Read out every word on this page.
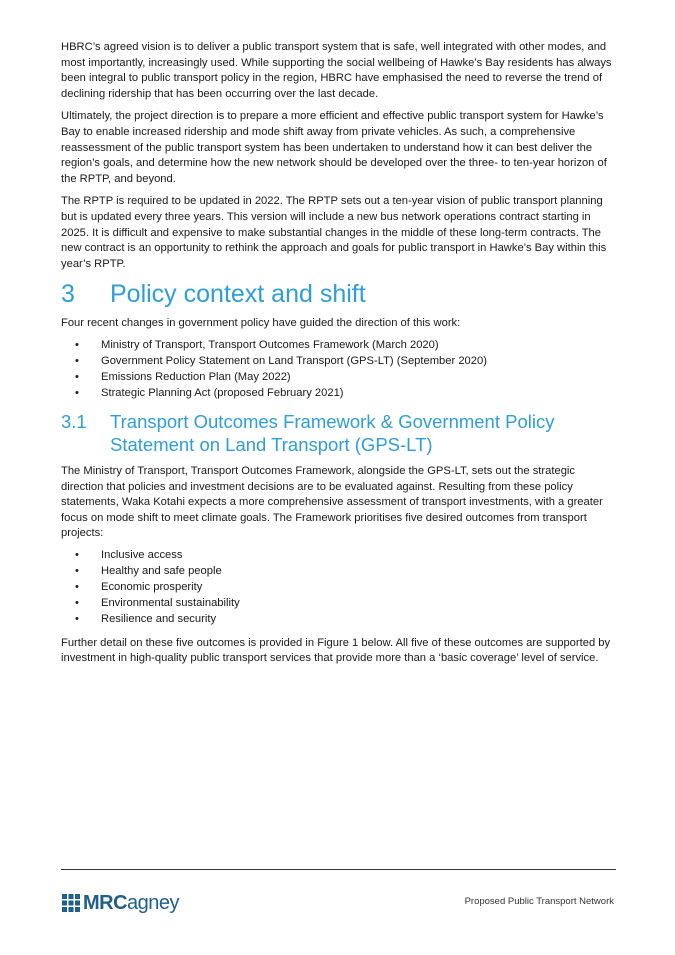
HBRC’s agreed vision is to deliver a public transport system that is safe, well integrated with other modes, and most importantly, increasingly used. While supporting the social wellbeing of Hawke’s Bay residents has always been integral to public transport policy in the region, HBRC have emphasised the need to reverse the trend of declining ridership that has been occurring over the last decade.

Ultimately, the project direction is to prepare a more efficient and effective public transport system for Hawke’s Bay to enable increased ridership and mode shift away from private vehicles. As such, a comprehensive reassessment of the public transport system has been undertaken to understand how it can best deliver the region’s goals, and determine how the new network should be developed over the three- to ten-year horizon of the RPTP, and beyond.

The RPTP is required to be updated in 2022. The RPTP sets out a ten-year vision of public transport planning but is updated every three years. This version will include a new bus network operations contract starting in 2025. It is difficult and expensive to make substantial changes in the middle of these long-term contracts. The new contract is an opportunity to rethink the approach and goals for public transport in Hawke’s Bay within this year’s RPTP.

3	Policy context and shift

Four recent changes in government policy have guided the direction of this work:

•	Ministry of Transport, Transport Outcomes Framework (March 2020)
•	Government Policy Statement on Land Transport (GPS-LT) (September 2020)
•	Emissions Reduction Plan (May 2022)
•	Strategic Planning Act (proposed February 2021)
3.1	Transport Outcomes Framework & Government Policy Statement on Land Transport (GPS-LT)

The Ministry of Transport, Transport Outcomes Framework, alongside the GPS-LT, sets out the strategic direction that policies and investment decisions are to be evaluated against. Resulting from these policy statements, Waka Kotahi expects a more comprehensive assessment of transport investments, with a greater focus on mode shift to meet climate goals. The Framework prioritises five desired outcomes from transport projects:

•	Inclusive access
•	Healthy and safe people
•	Economic prosperity
•	Environmental sustainability
•	Resilience and security

Further detail on these five outcomes is provided in Figure 1 below. All five of these outcomes are supported by investment in high-quality public transport services that provide more than a ‘basic coverage’ level of service.

MRCagney	Proposed Public Transport Network
